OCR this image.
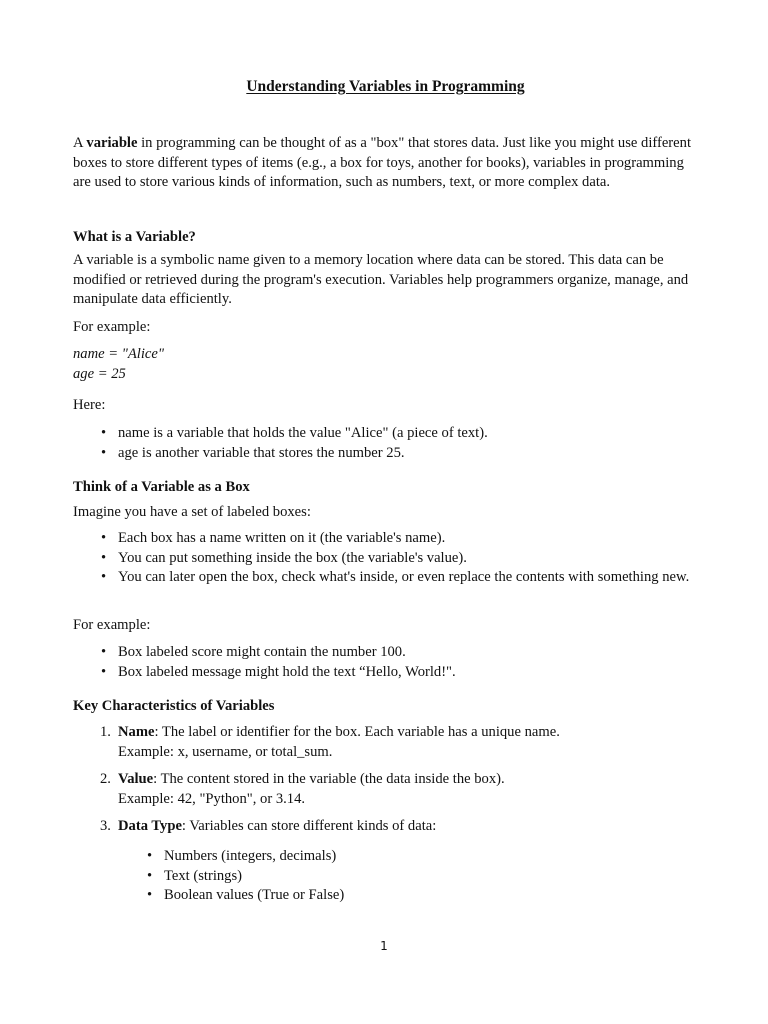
Understanding Variables in Programming

A variable in programming can be thought of as a "box" that stores data. Just like you might use different boxes to store different types of items (e.g., a box for toys, another for books), variables in programming are used to store various kinds of information, such as numbers, text, or more complex data.

What is a Variable?

A variable is a symbolic name given to a memory location where data can be stored. This data can be modified or retrieved during the program's execution. Variables help programmers organize, manage, and manipulate data efficiently.

For example:

name = "Alice"
age = 25

Here:

• name is a variable that holds the value "Alice" (a piece of text).
• age is another variable that stores the number 25.
Think of a Variable as a Box

Imagine you have a set of labeled boxes:

• Each box has a name written on it (the variable's name).
• You can put something inside the box (the variable's value).
• You can later open the box, check what's inside, or even replace the contents with something new.

For example:

• Box labeled score might contain the number 100.
• Box labeled message might hold the text “Hello, World!".
Key Characteristics of Variables
1. Name: The label or identifier for the box. Each variable has a unique name.
Example: x, username, or total_sum.
2. Value: The content stored in the variable (the data inside the box).
Example: 42, "Python", or 3.14.
3. Data Type: Variables can store different kinds of data:
• Numbers (integers, decimals)
• Text (strings)
• Boolean values (True or False)
1
